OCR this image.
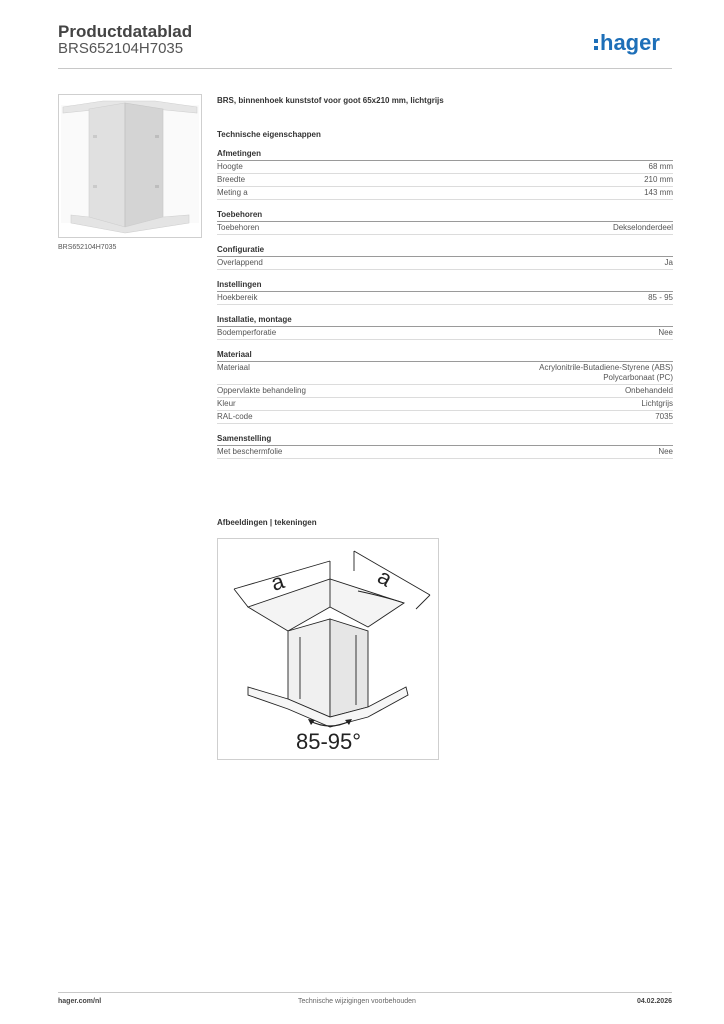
Productdatablad
BRS652104H7035	hager
BRS652104H7035
BRS, binnenhoek kunststof voor goot 65x210 mm, lichtgrijs
Technische eigenschappen
Afmetingen
Hoogte	68 mm
Breedte	210 mm
Meting a	143 mm
Toebehoren
Toebehoren	Dekselonderdeel
Configuratie
Overlappend	Ja
Instellingen
Hoekbereik	85 - 95
Installatie, montage
Bodemperforatie	Nee
Materiaal
Materiaal	Acrylonitrile-Butadiene-Styrene (ABS)
Polycarbonaat (PC)
Oppervlakte behandeling	Onbehandeld
Kleur	Lichtgrijs
RAL-code	7035
Samenstelling
Met beschermfolie	Nee
Afbeeldingen | tekeningen
a	a
85-95°
hager.com/nl	Technische wijzigingen voorbehouden	04.02.2026
